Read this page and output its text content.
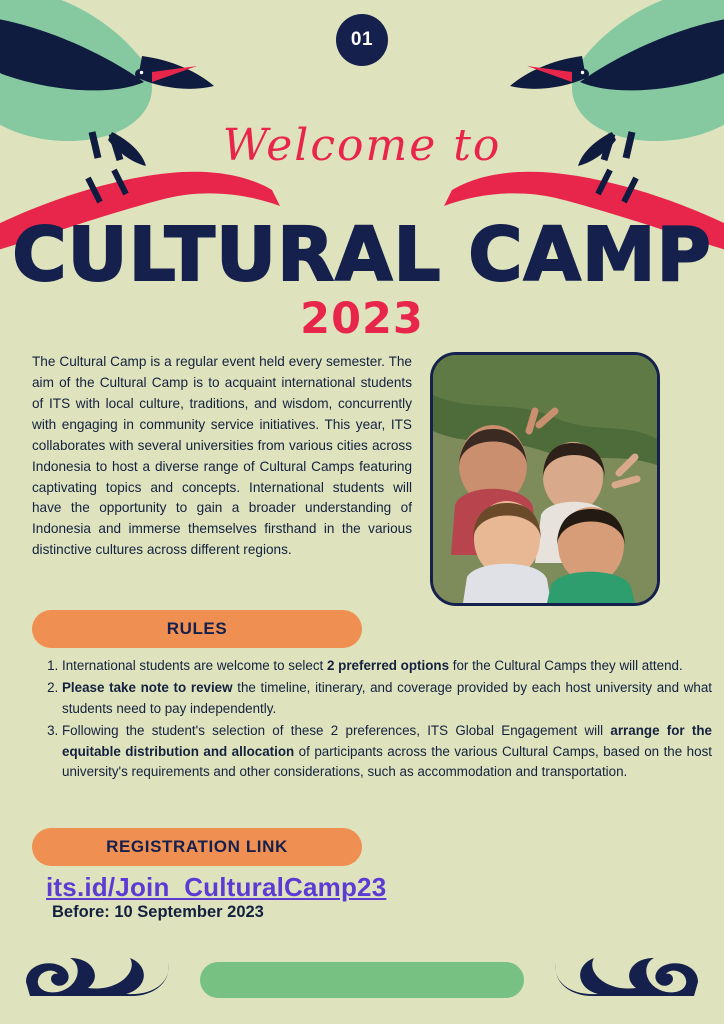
01
Welcome to
CULTURAL CAMP
2023
The Cultural Camp is a regular event held every semester. The aim of the Cultural Camp is to acquaint international students of ITS with local culture, traditions, and wisdom, concurrently with engaging in community service initiatives. This year, ITS collaborates with several universities from various cities across Indonesia to host a diverse range of Cultural Camps featuring captivating topics and concepts. International students will have the opportunity to gain a broader understanding of Indonesia and immerse themselves firsthand in the various distinctive cultures across different regions.
RULES
1. International students are welcome to select 2 preferred options for the Cultural Camps they will attend.
2. Please take note to review the timeline, itinerary, and coverage provided by each host university and what students need to pay independently.
3. Following the student's selection of these 2 preferences, ITS Global Engagement will arrange for the equitable distribution and allocation of participants across the various Cultural Camps, based on the host university's requirements and other considerations, such as accommodation and transportation.
REGISTRATION LINK
its.id/Join_CulturalCamp23
Before: 10 September 2023
